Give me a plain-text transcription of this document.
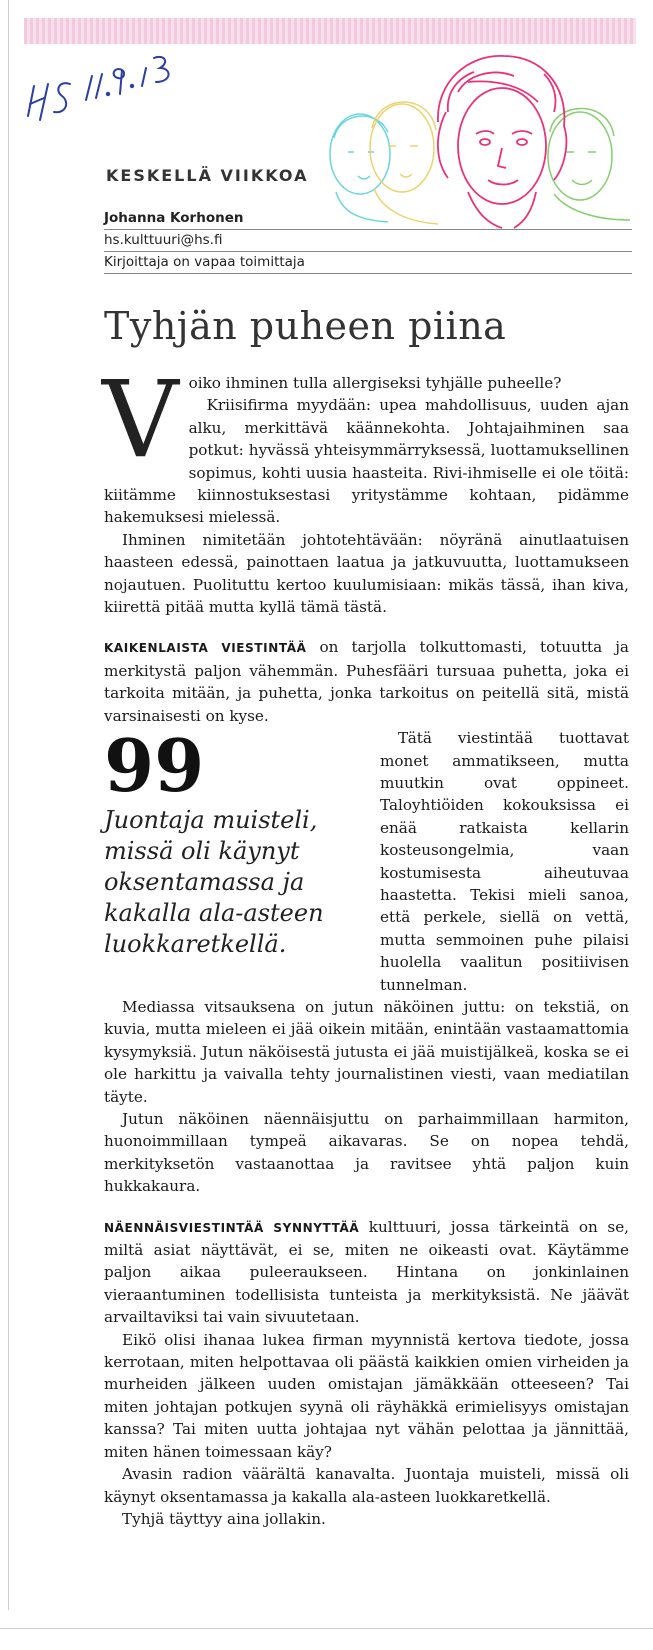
KESKELLÄ VIIKKOA
Johanna Korhonen
hs.kulttuuri@hs.fi
Kirjoittaja on vapaa toimittaja
Tyhjän puheen piina

Voiko ihminen tulla allergiseksi tyhjälle puheelle?

Kriisifirma myydään: upea mahdollisuus, uuden ajan alku, merkittävä käännekohta. Johtajaihminen saa potkut: hyvässä yhteisymmärryksessä, luottamuksellinen sopimus, kohti uusia haasteita. Rivi-ihmiselle ei ole töitä: kiitämme kiinnostuksestasi yritystämme kohtaan, pidämme hakemuksesi mielessä.

Ihminen nimitetään johtotehtävään: nöyränä ainutlaatuisen haasteen edessä, painottaen laatua ja jatkuvuutta, luottamukseen nojautuen. Puolituttu kertoo kuulumisiaan: mikäs tässä, ihan kiva, kiirettä pitää mutta kyllä tämä tästä.

KAIKENLAISTA VIESTINTÄÄ on tarjolla tolkuttomasti, totuutta ja merkitystä paljon vähemmän. Puhesfääri tursuaa puhetta, joka ei tarkoita mitään, ja puhetta, jonka tarkoitus on peitellä sitä, mistä varsinaisesti on kyse.

99
Juontaja muisteli, missä oli käynyt oksentamassa ja kakalla ala-asteen luokkaretkellä.

Tätä viestintää tuottavat monet ammatikseen, mutta muutkin ovat oppineet. Taloyhtiöiden kokouksissa ei enää ratkaista kellarin kosteusongelmia, vaan kostumisesta aiheutuvaa haastetta. Tekisi mieli sanoa, että perkele, siellä on vettä, mutta semmoinen puhe pilaisi huolella vaalitun positiivisen tunnelman.

Mediassa vitsauksena on jutun näköinen juttu: on tekstiä, on kuvia, mutta mieleen ei jää oikein mitään, enintään vastaamattomia kysymyksiä. Jutun näköisestä jutusta ei jää muistijälkeä, koska se ei ole harkittu ja vaivalla tehty journalistinen viesti, vaan mediatilan täyte.

Jutun näköinen näennäisjuttu on parhaimmillaan harmiton, huonoimmillaan tympeä aikavaras. Se on nopea tehdä, merkityksetön vastaanottaa ja ravitsee yhtä paljon kuin hukkakaura.

NÄENNÄISVIESTINTÄÄ SYNNYTTÄÄ kulttuuri, jossa tärkeintä on se, miltä asiat näyttävät, ei se, miten ne oikeasti ovat. Käytämme paljon aikaa puleeraukseen. Hintana on jonkinlainen vieraantuminen todellisista tunteista ja merkityksistä. Ne jäävät arvailtaviksi tai vain sivuutetaan.

Eikö olisi ihanaa lukea firman myynnistä kertova tiedote, jossa kerrotaan, miten helpottavaa oli päästä kaikkien omien virheiden ja murheiden jälkeen uuden omistajan jämäkkään otteeseen? Tai miten johtajan potkujen syynä oli räyhäkkä erimielisyys omistajan kanssa? Tai miten uutta johtajaa nyt vähän pelottaa ja jännittää, miten hänen toimessaan käy?

Avasin radion väärältä kanavalta. Juontaja muisteli, missä oli käynyt oksentamassa ja kakalla ala-asteen luokkaretkellä.

Tyhjä täyttyy aina jollakin.
